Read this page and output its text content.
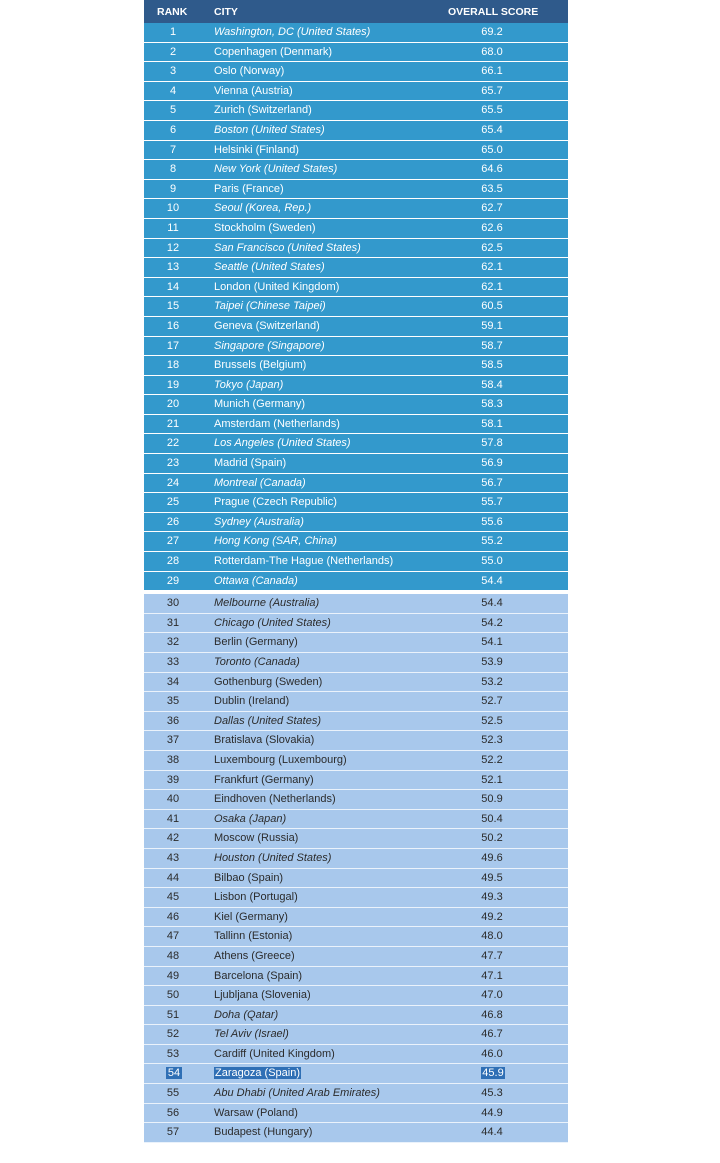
RANK	CITY	OVERALL SCORE
1	Washington, DC (United States)	69.2
2	Copenhagen (Denmark)	68.0
3	Oslo (Norway)	66.1
4	Vienna (Austria)	65.7
5	Zurich (Switzerland)	65.5
6	Boston (United States)	65.4
7	Helsinki (Finland)	65.0
8	New York (United States)	64.6
9	Paris (France)	63.5
10	Seoul (Korea, Rep.)	62.7
11	Stockholm (Sweden)	62.6
12	San Francisco (United States)	62.5
13	Seattle (United States)	62.1
14	London (United Kingdom)	62.1
15	Taipei (Chinese Taipei)	60.5
16	Geneva (Switzerland)	59.1
17	Singapore (Singapore)	58.7
18	Brussels (Belgium)	58.5
19	Tokyo (Japan)	58.4
20	Munich (Germany)	58.3
21	Amsterdam (Netherlands)	58.1
22	Los Angeles (United States)	57.8
23	Madrid (Spain)	56.9
24	Montreal (Canada)	56.7
25	Prague (Czech Republic)	55.7
26	Sydney (Australia)	55.6
27	Hong Kong (SAR, China)	55.2
28	Rotterdam-The Hague (Netherlands)	55.0
29	Ottawa (Canada)	54.4
30	Melbourne (Australia)	54.4
31	Chicago (United States)	54.2
32	Berlin (Germany)	54.1
33	Toronto (Canada)	53.9
34	Gothenburg (Sweden)	53.2
35	Dublin (Ireland)	52.7
36	Dallas (United States)	52.5
37	Bratislava (Slovakia)	52.3
38	Luxembourg (Luxembourg)	52.2
39	Frankfurt (Germany)	52.1
40	Eindhoven (Netherlands)	50.9
41	Osaka (Japan)	50.4
42	Moscow (Russia)	50.2
43	Houston (United States)	49.6
44	Bilbao (Spain)	49.5
45	Lisbon (Portugal)	49.3
46	Kiel (Germany)	49.2
47	Tallinn (Estonia)	48.0
48	Athens (Greece)	47.7
49	Barcelona (Spain)	47.1
50	Ljubljana (Slovenia)	47.0
51	Doha (Qatar)	46.8
52	Tel Aviv (Israel)	46.7
53	Cardiff (United Kingdom)	46.0
54	Zaragoza (Spain)	45.9
55	Abu Dhabi (United Arab Emirates)	45.3
56	Warsaw (Poland)	44.9
57	Budapest (Hungary)	44.4
